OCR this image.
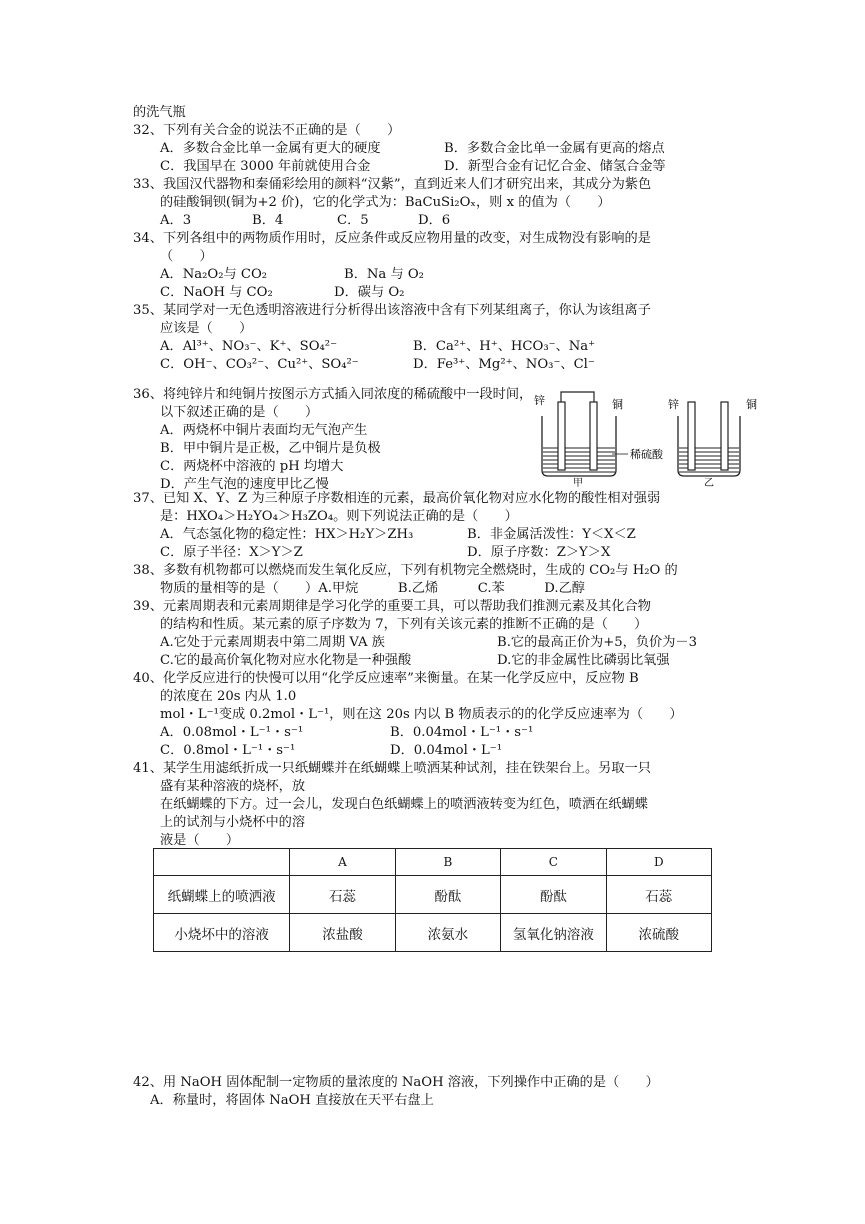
的洗气瓶
32、下列有关合金的说法不正确的是（　　）
A．多数合金比单一金属有更大的硬度	B．多数合金比单一金属有更高的熔点
C．我国早在 3000 年前就使用合金	D．新型合金有记忆合金、储氢合金等
33、我国汉代器物和秦俑彩绘用的颜料“汉紫”，直到近来人们才研究出来，其成分为紫色
的硅酸铜钡(铜为+2 价)，它的化学式为：BaCuSi₂Oₓ，则 x 的值为（　　）
A．3	B．4	C．5	D．6
34、下列各组中的两物质作用时，反应条件或反应物用量的改变，对生成物没有影响的是
（　　）
A．Na₂O₂与 CO₂	B．Na 与 O₂
C．NaOH 与 CO₂	D．碳与 O₂
35、某同学对一无色透明溶液进行分析得出该溶液中含有下列某组离子，你认为该组离子
应该是（　　）
A．Al³⁺、NO₃⁻、K⁺、SO₄²⁻	B．Ca²⁺、H⁺、HCO₃⁻、Na⁺
C．OH⁻、CO₃²⁻、Cu²⁺、SO₄²⁻	D．Fe³⁺、Mg²⁺、NO₃⁻、Cl⁻
36、将纯锌片和纯铜片按图示方式插入同浓度的稀硫酸中一段时间，
以下叙述正确的是（　　）
A．两烧杯中铜片表面均无气泡产生
B．甲中铜片是正极，乙中铜片是负极
C．两烧杯中溶液的 pH 均增大
D．产生气泡的速度甲比乙慢
锌	铜	锌	铜
稀硫酸
甲	乙
37、已知 X、Y、Z 为三种原子序数相连的元素，最高价氧化物对应水化物的酸性相对强弱
是：HXO₄＞H₂YO₄＞H₃ZO₄。则下列说法正确的是（　　）
A．气态氢化物的稳定性：HX＞H₂Y＞ZH₃	B．非金属活泼性：Y＜X＜Z
C．原子半径：X＞Y＞Z	D．原子序数：Z＞Y＞X
38、多数有机物都可以燃烧而发生氧化反应，下列有机物完全燃烧时，生成的 CO₂与 H₂O 的
物质的量相等的是（　　）A.甲烷　　　B.乙烯　　　C.苯　　　D.乙醇
39、元素周期表和元素周期律是学习化学的重要工具，可以帮助我们推测元素及其化合物
的结构和性质。某元素的原子序数为 7，下列有关该元素的推断不正确的是（　　）
A.它处于元素周期表中第二周期 VA 族	B.它的最高正价为+5，负价为－3
C.它的最高价氧化物对应水化物是一种强酸	D.它的非金属性比磷弱比氧强
40、化学反应进行的快慢可以用“化学反应速率”来衡量。在某一化学反应中，反应物 B
的浓度在 20s 内从 1.0
mol・L⁻¹变成 0.2mol・L⁻¹，则在这 20s 内以 B 物质表示的的化学反应速率为（　　）
A．0.08mol・L⁻¹・s⁻¹	B．0.04mol・L⁻¹・s⁻¹
C．0.8mol・L⁻¹・s⁻¹	D．0.04mol・L⁻¹
41、某学生用滤纸折成一只纸蝴蝶并在纸蝴蝶上喷洒某种试剂，挂在铁架台上。另取一只
盛有某种溶液的烧杯，放
在纸蝴蝶的下方。过一会儿，发现白色纸蝴蝶上的喷洒液转变为红色，喷洒在纸蝴蝶
上的试剂与小烧杯中的溶
液是（　　）
	A	B	C	D
纸蝴蝶上的喷洒液	石蕊	酚酞	酚酞	石蕊
小烧坏中的溶液	浓盐酸	浓氨水	氢氧化钠溶液	浓硫酸
42、用 NaOH 固体配制一定物质的量浓度的 NaOH 溶液，下列操作中正确的是（　　）
A．称量时，将固体 NaOH 直接放在天平右盘上
